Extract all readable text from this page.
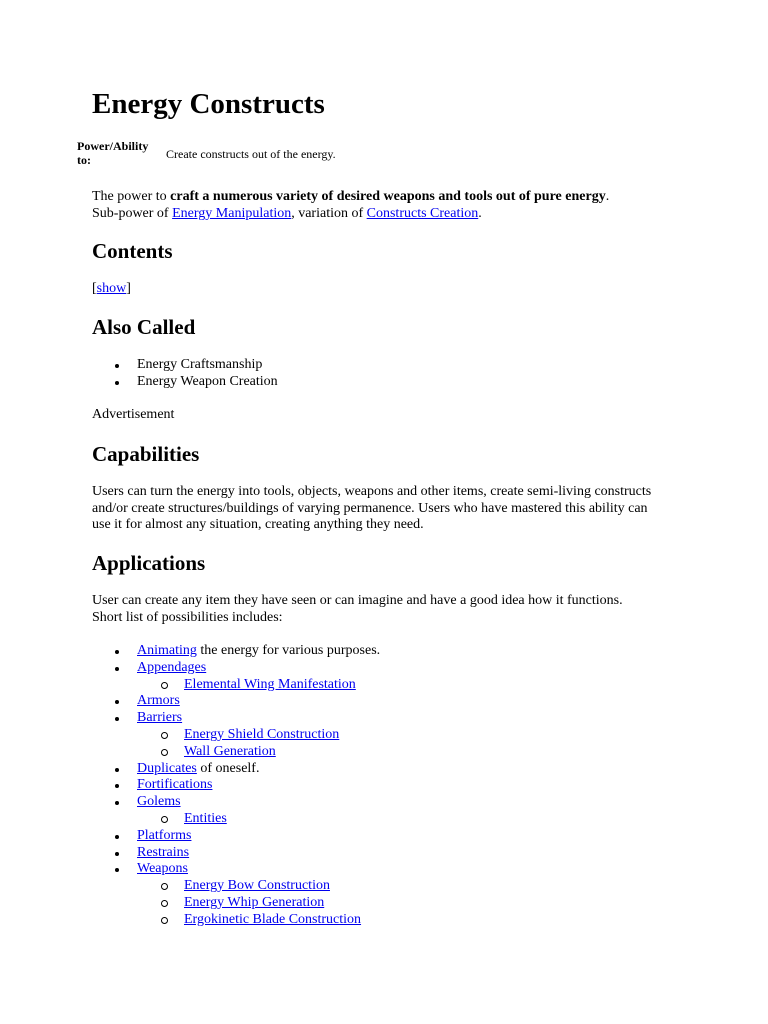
Energy Constructs
Power/Ability to:	Create constructs out of the energy.
The power to craft a numerous variety of desired weapons and tools out of pure energy.
Sub-power of Energy Manipulation, variation of Constructs Creation.
Contents
[show]
Also Called
Energy Craftsmanship
Energy Weapon Creation
Advertisement
Capabilities
Users can turn the energy into tools, objects, weapons and other items, create semi-living constructs and/or create structures/buildings of varying permanence. Users who have mastered this ability can use it for almost any situation, creating anything they need.
Applications
User can create any item they have seen or can imagine and have a good idea how it functions. Short list of possibilities includes:
Animating the energy for various purposes.
Appendages
Elemental Wing Manifestation
Armors
Barriers
Energy Shield Construction
Wall Generation
Duplicates of oneself.
Fortifications
Golems
Entities
Platforms
Restrains
Weapons
Energy Bow Construction
Energy Whip Generation
Ergokinetic Blade Construction
